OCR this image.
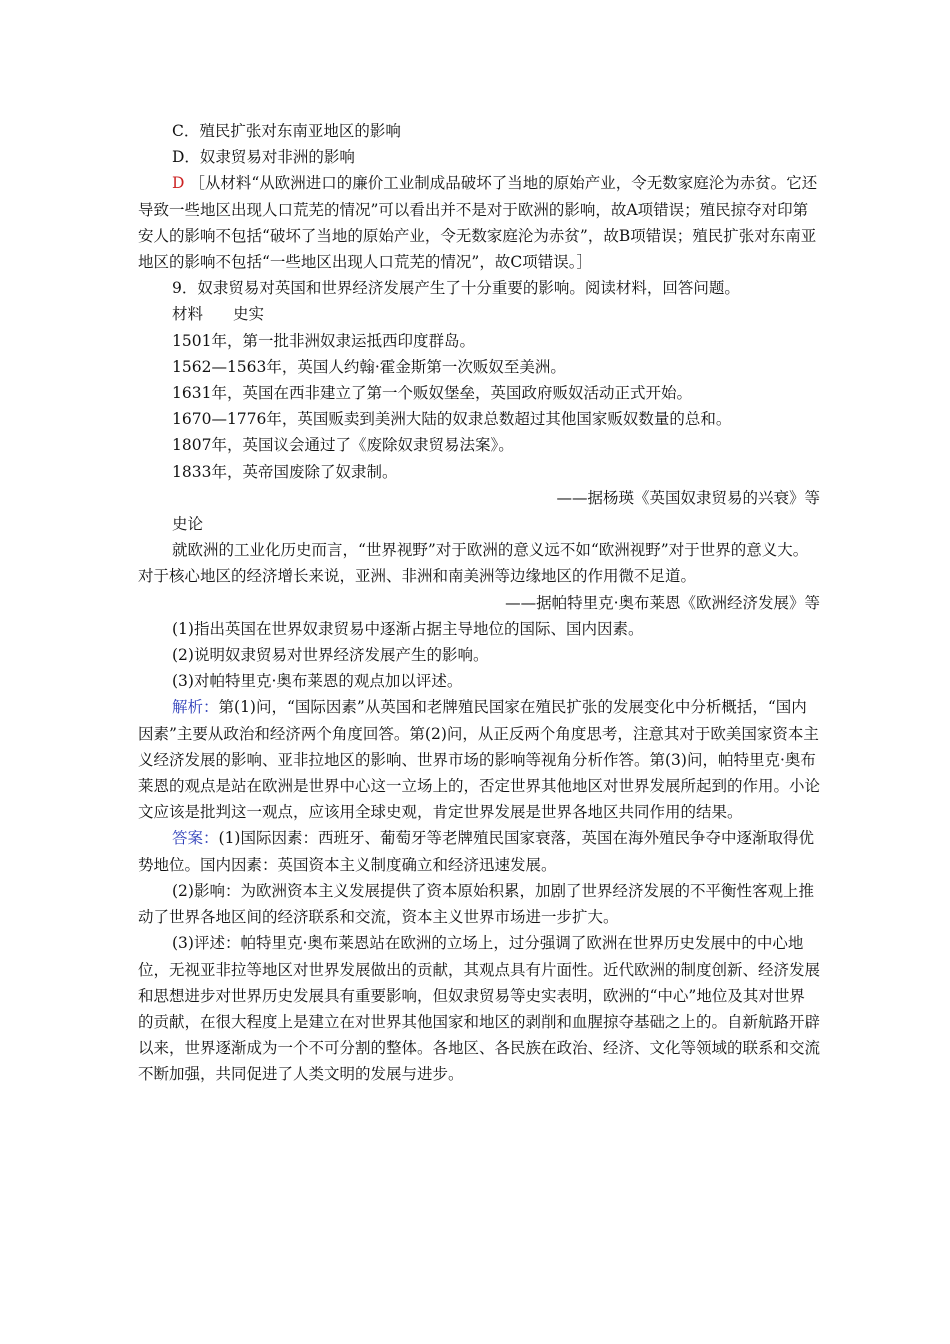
C．殖民扩张对东南亚地区的影响

D．奴隶贸易对非洲的影响

D ［从材料“从欧洲进口的廉价工业制成品破坏了当地的原始产业，令无数家庭沦为赤贫。它还导致一些地区出现人口荒芜的情况”可以看出并不是对于欧洲的影响，故A项错误；殖民掠夺对印第安人的影响不包括“破坏了当地的原始产业，令无数家庭沦为赤贫”，故B项错误；殖民扩张对东南亚地区的影响不包括“一些地区出现人口荒芜的情况”，故C项错误。］

9．奴隶贸易对英国和世界经济发展产生了十分重要的影响。阅读材料，回答问题。

材料 史实

1501年，第一批非洲奴隶运抵西印度群岛。

1562—1563年，英国人约翰·霍金斯第一次贩奴至美洲。

1631年，英国在西非建立了第一个贩奴堡垒，英国政府贩奴活动正式开始。

1670—1776年，英国贩卖到美洲大陆的奴隶总数超过其他国家贩奴数量的总和。

1807年，英国议会通过了《废除奴隶贸易法案》。

1833年，英帝国废除了奴隶制。

——据杨瑛《英国奴隶贸易的兴衰》等

史论

就欧洲的工业化历史而言，“世界视野”对于欧洲的意义远不如“欧洲视野”对于世界的意义大。对于核心地区的经济增长来说，亚洲、非洲和南美洲等边缘地区的作用微不足道。

——据帕特里克·奥布莱恩《欧洲经济发展》等

(1)指出英国在世界奴隶贸易中逐渐占据主导地位的国际、国内因素。

(2)说明奴隶贸易对世界经济发展产生的影响。

(3)对帕特里克·奥布莱恩的观点加以评述。

解析：第(1)问，“国际因素”从英国和老牌殖民国家在殖民扩张的发展变化中分析概括，“国内因素”主要从政治和经济两个角度回答。第(2)问，从正反两个角度思考，注意其对于欧美国家资本主义经济发展的影响、亚非拉地区的影响、世界市场的影响等视角分析作答。第(3)问，帕特里克·奥布莱恩的观点是站在欧洲是世界中心这一立场上的，否定世界其他地区对世界发展所起到的作用。小论文应该是批判这一观点，应该用全球史观，肯定世界发展是世界各地区共同作用的结果。

答案：(1)国际因素：西班牙、葡萄牙等老牌殖民国家衰落，英国在海外殖民争夺中逐渐取得优势地位。国内因素：英国资本主义制度确立和经济迅速发展。

(2)影响：为欧洲资本主义发展提供了资本原始积累，加剧了世界经济发展的不平衡性客观上推动了世界各地区间的经济联系和交流，资本主义世界市场进一步扩大。

(3)评述：帕特里克·奥布莱恩站在欧洲的立场上，过分强调了欧洲在世界历史发展中的中心地位，无视亚非拉等地区对世界发展做出的贡献，其观点具有片面性。近代欧洲的制度创新、经济发展和思想进步对世界历史发展具有重要影响，但奴隶贸易等史实表明，欧洲的“中心”地位及其对世界的贡献，在很大程度上是建立在对世界其他国家和地区的剥削和血腥掠夺基础之上的。自新航路开辟以来，世界逐渐成为一个不可分割的整体。各地区、各民族在政治、经济、文化等领域的联系和交流不断加强，共同促进了人类文明的发展与进步。
